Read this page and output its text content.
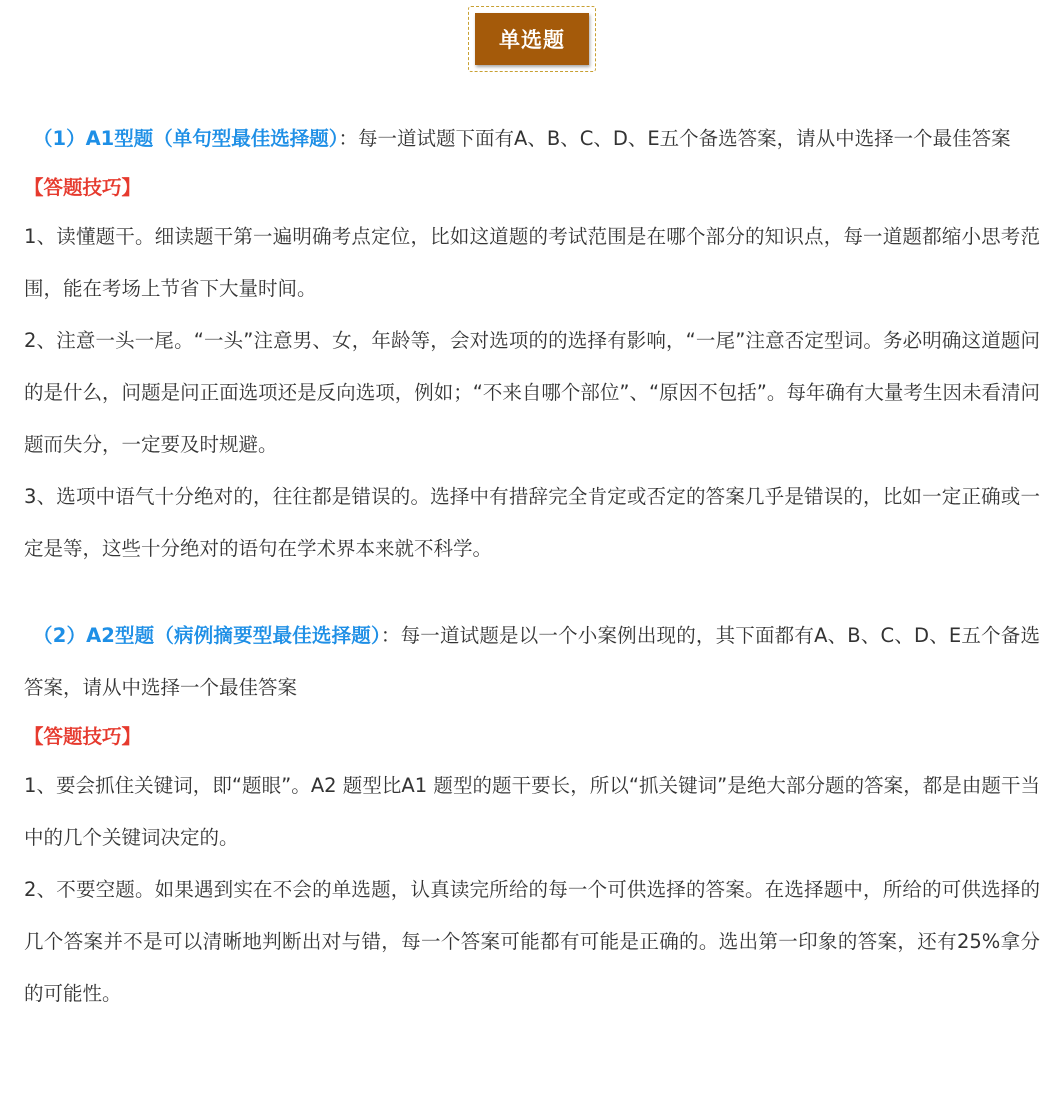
单选题

（1）A1型题（单句型最佳选择题）：每一道试题下面有A、B、C、D、E五个备选答案，请从中选择一个最佳答案

【答题技巧】

1、读懂题干。细读题干第一遍明确考点定位，比如这道题的考试范围是在哪个部分的知识点，每一道题都缩小思考范围，能在考场上节省下大量时间。

2、注意一头一尾。“一头”注意男、女，年龄等，会对选项的的选择有影响，“一尾”注意否定型词。务必明确这道题问的是什么，问题是问正面选项还是反向选项，例如；“不来自哪个部位”、“原因不包括”。每年确有大量考生因未看清问题而失分，一定要及时规避。

3、选项中语气十分绝对的，往往都是错误的。选择中有措辞完全肯定或否定的答案几乎是错误的，比如一定正确或一定是等，这些十分绝对的语句在学术界本来就不科学。

（2）A2型题（病例摘要型最佳选择题）：每一道试题是以一个小案例出现的，其下面都有A、B、C、D、E五个备选答案，请从中选择一个最佳答案

【答题技巧】

1、要会抓住关键词，即“题眼”。A2 题型比A1 题型的题干要长，所以“抓关键词”是绝大部分题的答案，都是由题干当中的几个关键词决定的。

2、不要空题。如果遇到实在不会的单选题，认真读完所给的每一个可供选择的答案。在选择题中，所给的可供选择的几个答案并不是可以清晰地判断出对与错，每一个答案可能都有可能是正确的。选出第一印象的答案，还有25%拿分的可能性。
